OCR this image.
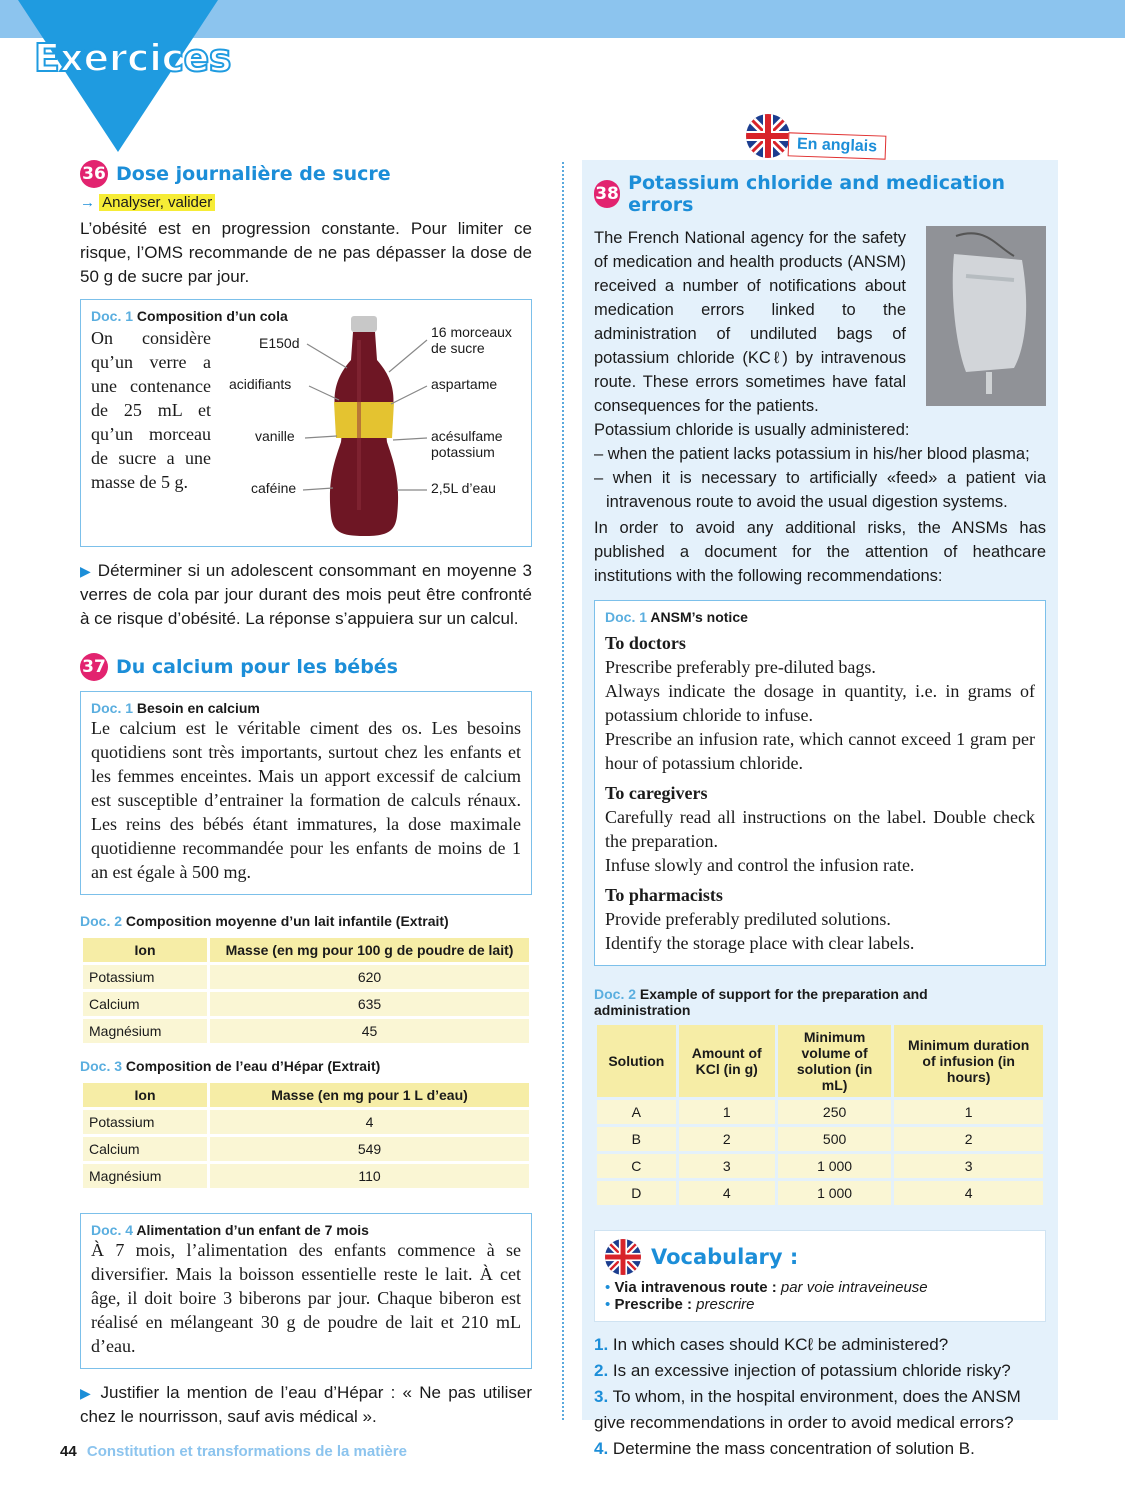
Exercices
36 Dose journalière de sucre
→ Analyser, valider
L’obésité est en progression constante. Pour limiter ce risque, l’OMS recommande de ne pas dépasser la dose de 50 g de sucre par jour.
Doc. 1 Composition d’un cola
On considère qu’un verre a une contenance de 25 mL et qu’un morceau de sucre a une masse de 5 g.
E150d
acidifiants
vanille
caféine
16 morceaux de sucre
aspartame
acésulfame potassium
2,5L d’eau
▶ Déterminer si un adolescent consommant en moyenne 3 verres de cola par jour durant des mois peut être confronté à ce risque d’obésité. La réponse s’appuiera sur un calcul.
37 Du calcium pour les bébés
Doc. 1 Besoin en calcium
Le calcium est le véritable ciment des os. Les besoins quotidiens sont très importants, surtout chez les enfants et les femmes enceintes. Mais un apport excessif de calcium est susceptible d’entrainer la formation de calculs rénaux. Les reins des bébés étant immatures, la dose maximale quotidienne recommandée pour les enfants de moins de 1 an est égale à 500 mg.
Doc. 2 Composition moyenne d’un lait infantile (Extrait)
Ion	Masse (en mg pour 100 g de poudre de lait)
Potassium	620
Calcium	635
Magnésium	45
Doc. 3 Composition de l’eau d’Hépar (Extrait)
Ion	Masse (en mg pour 1 L d’eau)
Potassium	4
Calcium	549
Magnésium	110
Doc. 4 Alimentation d’un enfant de 7 mois
À 7 mois, l’alimentation des enfants commence à se diversifier. Mais la boisson essentielle reste le lait. À cet âge, il doit boire 3 biberons par jour. Chaque biberon est réalisé en mélangeant 30 g de poudre de lait et 210 mL d’eau.
▶ Justifier la mention de l’eau d’Hépar : « Ne pas utiliser chez le nourrisson, sauf avis médical ».
En anglais
38 Potassium chloride and medication errors
The French National agency for the safety of medication and health products (ANSM) received a number of notifications about medication errors linked to the administration of undiluted bags of potassium chloride (KCℓ) by intravenous route. These errors sometimes have fatal consequences for the patients.
Potassium chloride is usually administered:
– when the patient lacks potassium in his/her blood plasma;
– when it is necessary to artificially «feed» a patient via intravenous route to avoid the usual digestion systems.
In order to avoid any additional risks, the ANSMs has published a document for the attention of heathcare institutions with the following recommendations:
Doc. 1 ANSM’s notice
To doctors
Prescribe preferably pre-diluted bags.
Always indicate the dosage in quantity, i.e. in grams of potassium chloride to infuse.
Prescribe an infusion rate, which cannot exceed 1 gram per hour of potassium chloride.
To caregivers
Carefully read all instructions on the label. Double check the preparation.
Infuse slowly and control the infusion rate.
To pharmacists
Provide preferably prediluted solutions.
Identify the storage place with clear labels.
Doc. 2 Example of support for the preparation and administration
Solution	Amount of KCl (in g)	Minimum volume of solution (in mL)	Minimum duration of infusion (in hours)
A	1	250	1
B	2	500	2
C	3	1 000	3
D	4	1 000	4
Vocabulary :
• Via intravenous route : par voie intraveineuse
• Prescribe : prescrire
1. In which cases should KCℓ be administered?
2. Is an excessive injection of potassium chloride risky?
3. To whom, in the hospital environment, does the ANSM give recommendations in order to avoid medical errors?
4. Determine the mass concentration of solution B.
44 Constitution et transformations de la matière
